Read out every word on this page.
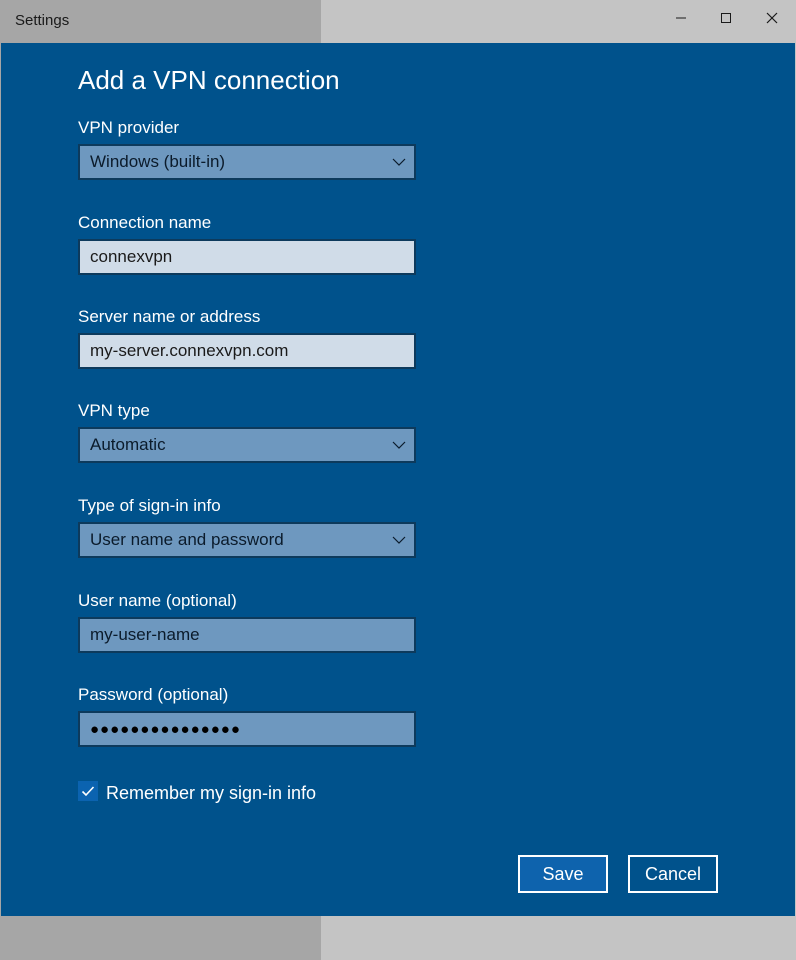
Settings
Add a VPN connection
VPN provider
Windows (built-in)
Connection name
connexvpn
Server name or address
my-server.connexvpn.com
VPN type
Automatic
Type of sign-in info
User name and password
User name (optional)
my-user-name
Password (optional)
●●●●●●●●●●●●●●●
Remember my sign-in info
Save	Cancel
